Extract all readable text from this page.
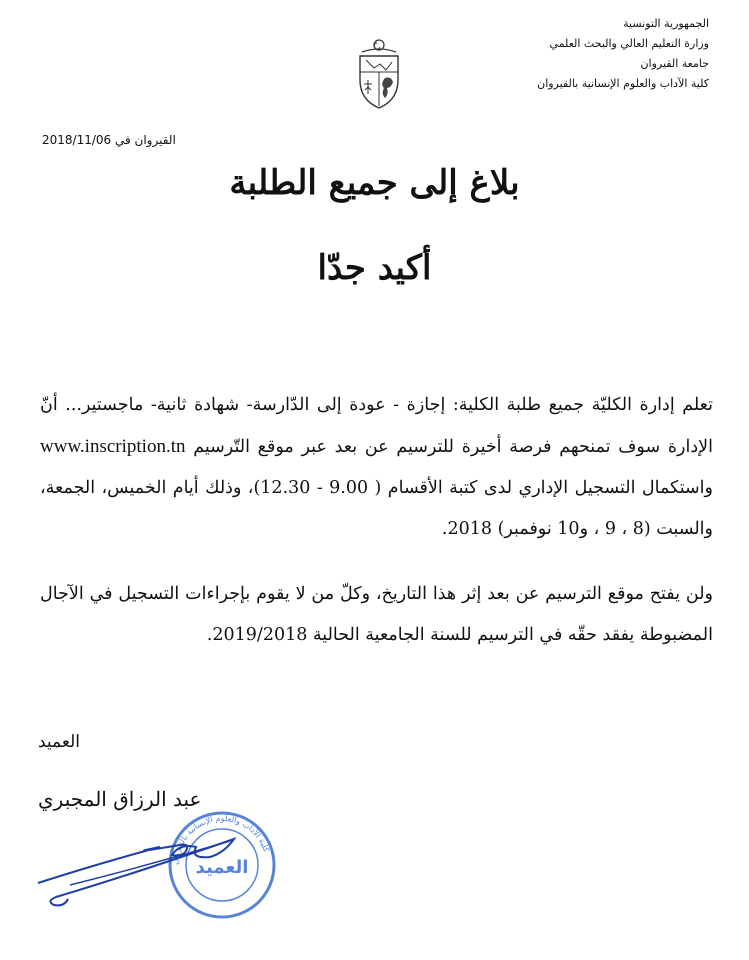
الجمهورية التونسية
وزارة التعليم العالي والبحث العلمي
جامعة القيروان
كلية الآداب والعلوم الإنسانية بالقيروان
القيروان في 2018/11/06
بلاغ إلى جميع الطلبة
أكيد جدّا

تعلم إدارة الكليّة جميع طلبة الكلية: إجازة - عودة إلى الدّارسة- شهادة ثانية- ماجستير... أنّ الإدارة سوف تمنحهم فرصة أخيرة للترسيم عن بعد عبر موقع التّرسيم www.inscription.tn واستكمال التسجيل الإداري لدى كتبة الأقسام ( 9.00 - 12.30)، وذلك أيام الخميس، الجمعة، والسبت (8 ، 9 ، و10 نوفمبر) 2018.

ولن يفتح موقع الترسيم عن بعد إثر هذا التاريخ، وكلّ من لا يقوم بإجراءات التسجيل في الآجال المضبوطة يفقد حقّه في الترسيم للسنة الجامعية الحالية 2019/2018.

العميد
عبد الرزاق المجبري
العميد
كلية الآداب والعلوم الإنسانية بالقيروان
